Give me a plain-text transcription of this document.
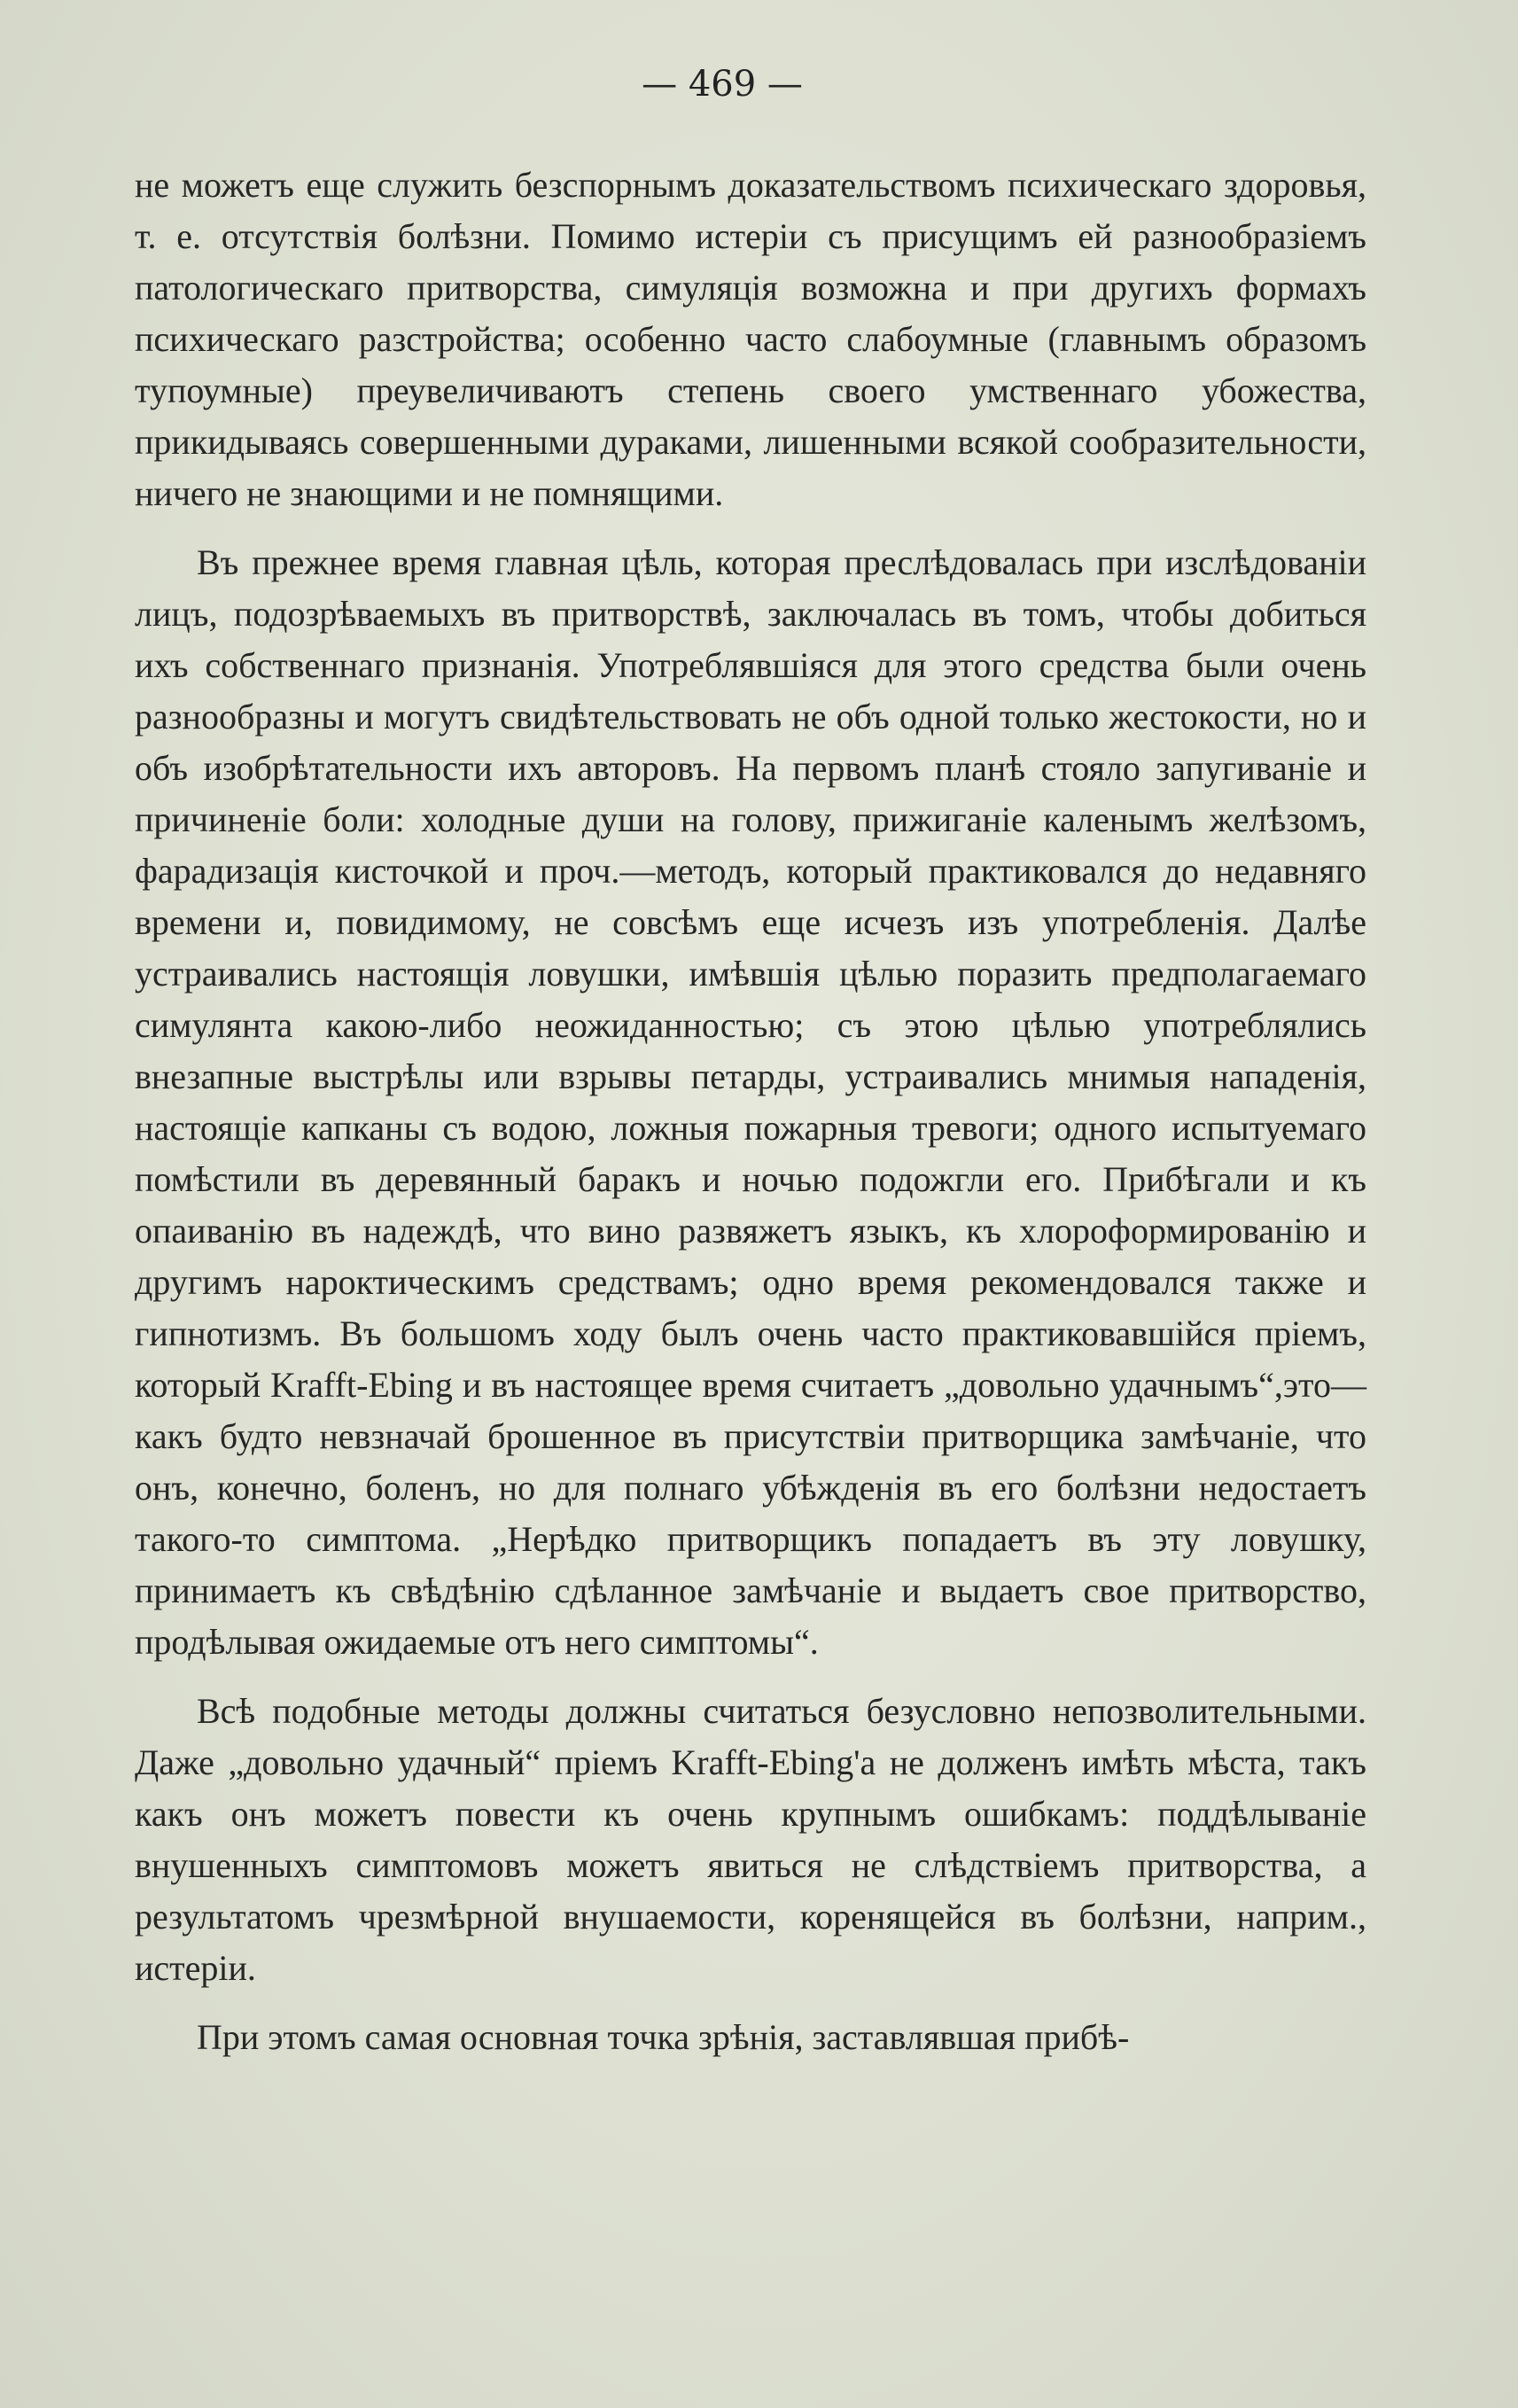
— 469 —

не можетъ еще служить безспорнымъ доказательствомъ психическаго здоровья, т. е. отсутствія болѣзни. Помимо истеріи съ присущимъ ей разнообразіемъ патологическаго притворства, симуляція возможна и при другихъ формахъ психическаго разстройства; особенно часто слабоумные (главнымъ образомъ тупоумные) преувеличиваютъ степень своего умственнаго убожества, прикидываясь совершенными дураками, лишенными всякой сообразительности, ничего не знающими и не помнящими.

Въ прежнее время главная цѣль, которая преслѣдовалась при изслѣдованіи лицъ, подозрѣваемыхъ въ притворствѣ, заключалась въ томъ, чтобы добиться ихъ собственнаго признанія. Употреблявшіяся для этого средства были очень разнообразны и могутъ свидѣтельствовать не объ одной только жестокости, но и объ изобрѣтательности ихъ авторовъ. На первомъ планѣ стояло запугиваніе и причиненіе боли: холодные души на голову, прижиганіе каленымъ желѣзомъ, фарадизація кисточкой и проч.—методъ, который практиковался до недавняго времени и, повидимому, не совсѣмъ еще исчезъ изъ употребленія. Далѣе устраивались настоящія ловушки, имѣвшія цѣлью поразить предполагаемаго симулянта какою-либо неожиданностью; съ этою цѣлью употреблялись внезапные выстрѣлы или взрывы петарды, устраивались мнимыя нападенія, настоящіе капканы съ водою, ложныя пожарныя тревоги; одного испытуемаго помѣстили въ деревянный баракъ и ночью подожгли его. Прибѣгали и къ опаиванію въ надеждѣ, что вино развяжетъ языкъ, къ хлороформированію и другимъ нароктическимъ средствамъ; одно время рекомендовался также и гипнотизмъ. Въ большомъ ходу былъ очень часто практиковавшійся пріемъ, который Krafft-Ebing и въ настоящее время считаетъ „довольно удачнымъ“,это—какъ будто невзначай брошенное въ присутствіи притворщика замѣчаніе, что онъ, конечно, боленъ, но для полнаго убѣжденія въ его болѣзни недостаетъ такого-то симптома. „Нерѣдко притворщикъ попадаетъ въ эту ловушку, принимаетъ къ свѣдѣнію сдѣланное замѣчаніе и выдаетъ свое притворство, продѣлывая ожидаемые отъ него симптомы“.

Всѣ подобные методы должны считаться безусловно непозволительными. Даже „довольно удачный“ пріемъ Krafft-Ebing'а не долженъ имѣть мѣста, такъ какъ онъ можетъ повести къ очень крупнымъ ошибкамъ: поддѣлываніе внушенныхъ симптомовъ можетъ явиться не слѣдствіемъ притворства, а результатомъ чрезмѣрной внушаемости, коренящейся въ болѣзни, наприм., истеріи.

При этомъ самая основная точка зрѣнія, заставлявшая прибѣ-
